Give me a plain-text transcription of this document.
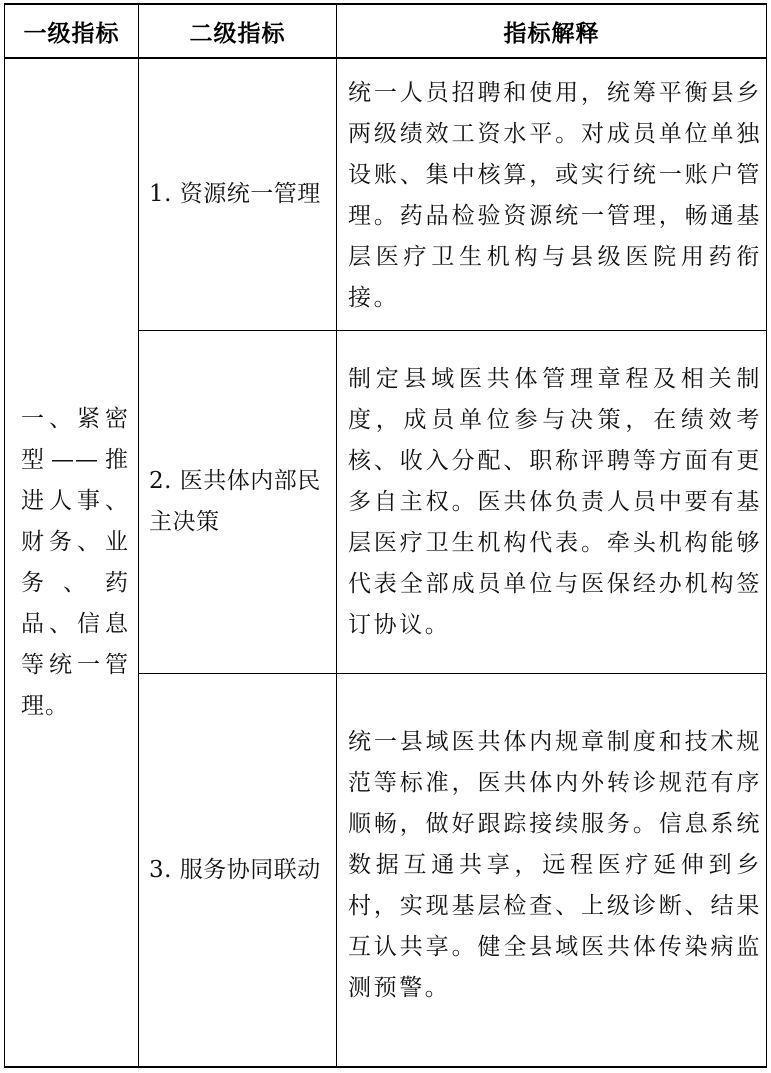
一级指标	二级指标	指标解释
一、紧密型——推进人事、财务、业务、药品、信息等统一管理。
1. 资源统一管理
统一人员招聘和使用，统筹平衡县乡两级绩效工资水平。对成员单位单独设账、集中核算，或实行统一账户管理。药品检验资源统一管理，畅通基层医疗卫生机构与县级医院用药衔接。
2. 医共体内部民主决策
制定县域医共体管理章程及相关制度，成员单位参与决策，在绩效考核、收入分配、职称评聘等方面有更多自主权。医共体负责人员中要有基层医疗卫生机构代表。牵头机构能够代表全部成员单位与医保经办机构签订协议。
3. 服务协同联动
统一县域医共体内规章制度和技术规范等标准，医共体内外转诊规范有序顺畅，做好跟踪接续服务。信息系统数据互通共享，远程医疗延伸到乡村，实现基层检查、上级诊断、结果互认共享。健全县域医共体传染病监测预警。
